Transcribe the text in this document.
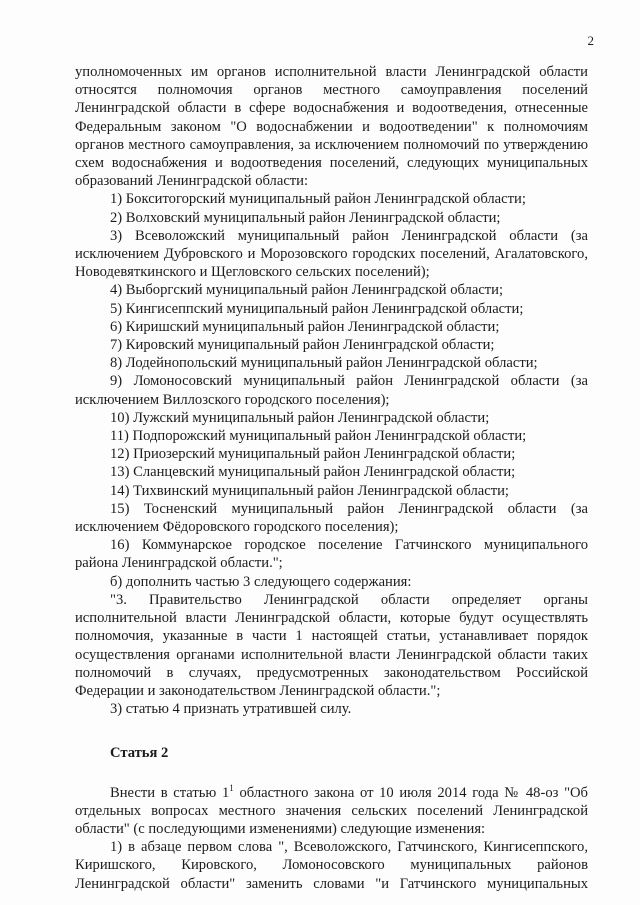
2

уполномоченных им органов исполнительной власти Ленинградской области относятся полномочия органов местного самоуправления поселений Ленинградской области в сфере водоснабжения и водоотведения, отнесенные Федеральным законом "О водоснабжении и водоотведении" к полномочиям органов местного самоуправления, за исключением полномочий по утверждению схем водоснабжения и водоотведения поселений, следующих муниципальных образований Ленинградской области:

1) Бокситогорский муниципальный район Ленинградской области;

2) Волховский муниципальный район Ленинградской области;

3) Всеволожский муниципальный район Ленинградской области (за исключением Дубровского и Морозовского городских поселений, Агалатовского, Новодевяткинского и Щегловского сельских поселений);

4) Выборгский муниципальный район Ленинградской области;

5) Кингисеппский муниципальный район Ленинградской области;

6) Киришский муниципальный район Ленинградской области;

7) Кировский муниципальный район Ленинградской области;

8) Лодейнопольский муниципальный район Ленинградской области;

9) Ломоносовский муниципальный район Ленинградской области (за исключением Виллозского городского поселения);

10) Лужский муниципальный район Ленинградской области;

11) Подпорожский муниципальный район Ленинградской области;

12) Приозерский муниципальный район Ленинградской области;

13) Сланцевский муниципальный район Ленинградской области;

14) Тихвинский муниципальный район Ленинградской области;

15) Тосненский муниципальный район Ленинградской области (за исключением Фёдоровского городского поселения);

16) Коммунарское городское поселение Гатчинского муниципального района Ленинградской области.";

б) дополнить частью 3 следующего содержания:

"3. Правительство Ленинградской области определяет органы исполнительной власти Ленинградской области, которые будут осуществлять полномочия, указанные в части 1 настоящей статьи, устанавливает порядок осуществления органами исполнительной власти Ленинградской области таких полномочий в случаях, предусмотренных законодательством Российской Федерации и законодательством Ленинградской области.";

3) статью 4 признать утратившей силу.

Статья 2

Внести в статью $1^1$ областного закона от 10 июля 2014 года № 48-оз "Об отдельных вопросах местного значения сельских поселений Ленинградской области" (с последующими изменениями) следующие изменения:

1) в абзаце первом слова ", Всеволожского, Гатчинского, Кингисеппского, Киришского, Кировского, Ломоносовского муниципальных районов Ленинградской области" заменить словами "и Гатчинского муниципальных
